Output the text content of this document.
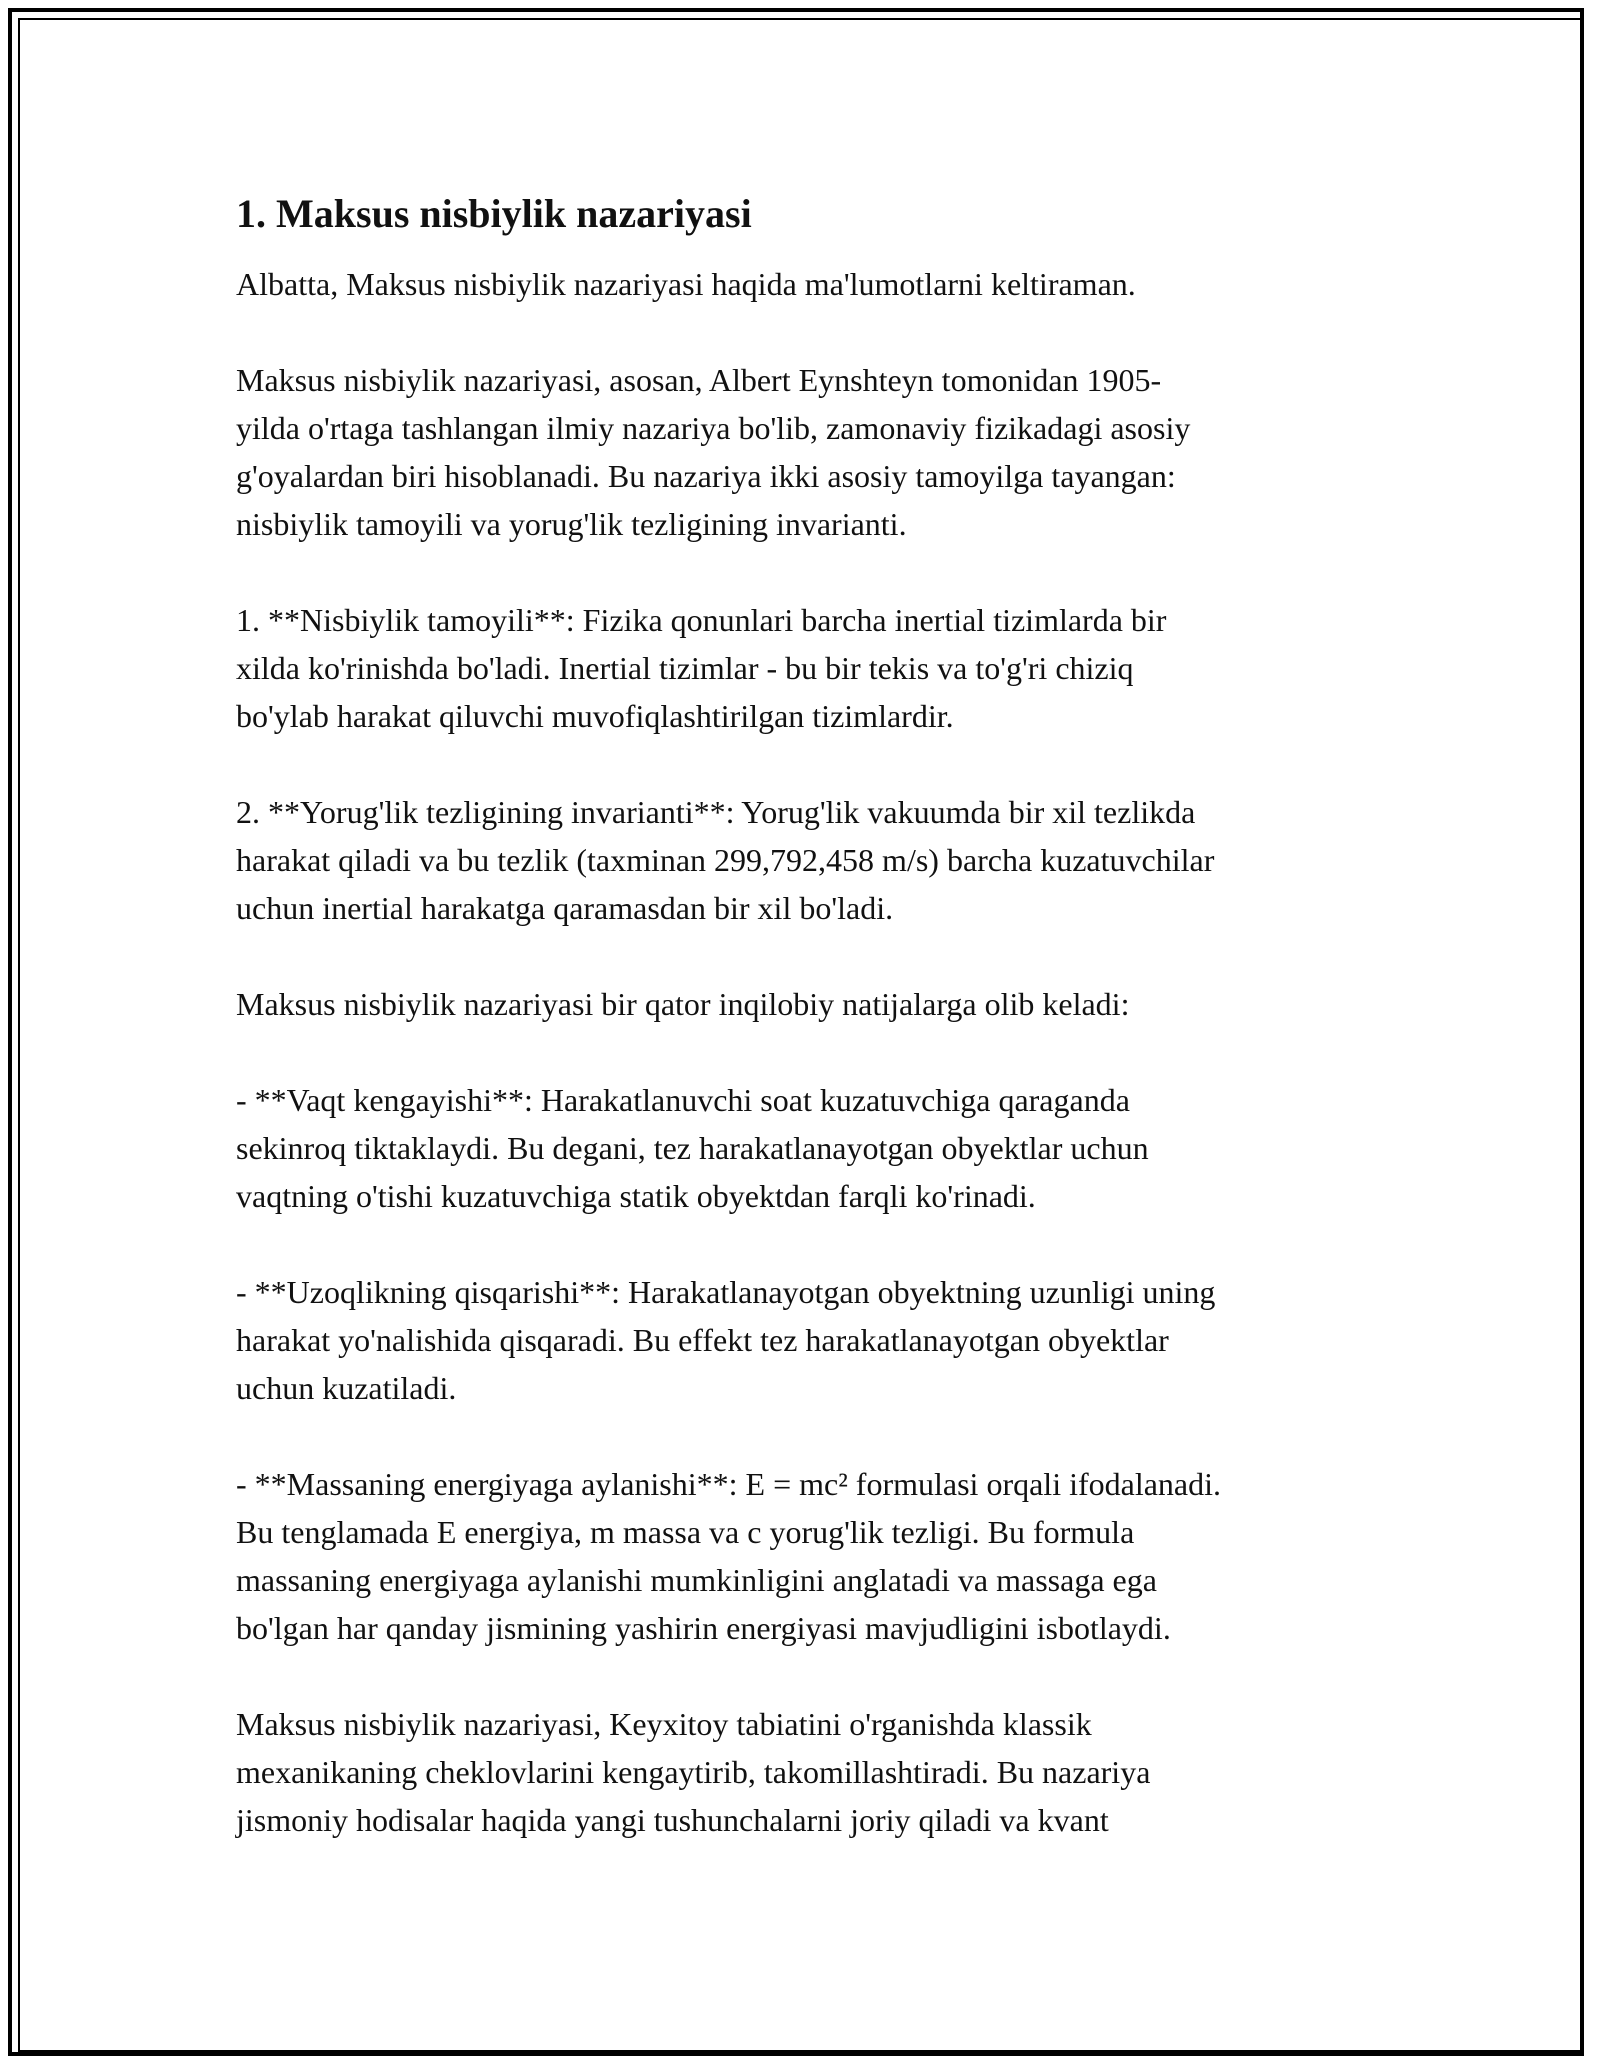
1. Maksus nisbiylik nazariyasi

Albatta, Maksus nisbiylik nazariyasi haqida ma'lumotlarni keltiraman.

Maksus nisbiylik nazariyasi, asosan, Albert Eynshteyn tomonidan 1905-
yilda o'rtaga tashlangan ilmiy nazariya bo'lib, zamonaviy fizikadagi asosiy
g'oyalardan biri hisoblanadi. Bu nazariya ikki asosiy tamoyilga tayangan:
nisbiylik tamoyili va yorug'lik tezligining invarianti.

1. **Nisbiylik tamoyili**: Fizika qonunlari barcha inertial tizimlarda bir
xilda ko'rinishda bo'ladi. Inertial tizimlar - bu bir tekis va to'g'ri chiziq
bo'ylab harakat qiluvchi muvofiqlashtirilgan tizimlardir.

2. **Yorug'lik tezligining invarianti**: Yorug'lik vakuumda bir xil tezlikda
harakat qiladi va bu tezlik (taxminan 299,792,458 m/s) barcha kuzatuvchilar
uchun inertial harakatga qaramasdan bir xil bo'ladi.

Maksus nisbiylik nazariyasi bir qator inqilobiy natijalarga olib keladi:

- **Vaqt kengayishi**: Harakatlanuvchi soat kuzatuvchiga qaraganda
sekinroq tiktaklaydi. Bu degani, tez harakatlanayotgan obyektlar uchun
vaqtning o'tishi kuzatuvchiga statik obyektdan farqli ko'rinadi.

- **Uzoqlikning qisqarishi**: Harakatlanayotgan obyektning uzunligi uning
harakat yo'nalishida qisqaradi. Bu effekt tez harakatlanayotgan obyektlar
uchun kuzatiladi.

- **Massaning energiyaga aylanishi**: E = mc² formulasi orqali ifodalanadi.
Bu tenglamada E energiya, m massa va c yorug'lik tezligi. Bu formula
massaning energiyaga aylanishi mumkinligini anglatadi va massaga ega
bo'lgan har qanday jismining yashirin energiyasi mavjudligini isbotlaydi.

Maksus nisbiylik nazariyasi, Keyxitoy tabiatini o'rganishda klassik
mexanikaning cheklovlarini kengaytirib, takomillashtiradi. Bu nazariya
jismoniy hodisalar haqida yangi tushunchalarni joriy qiladi va kvant
